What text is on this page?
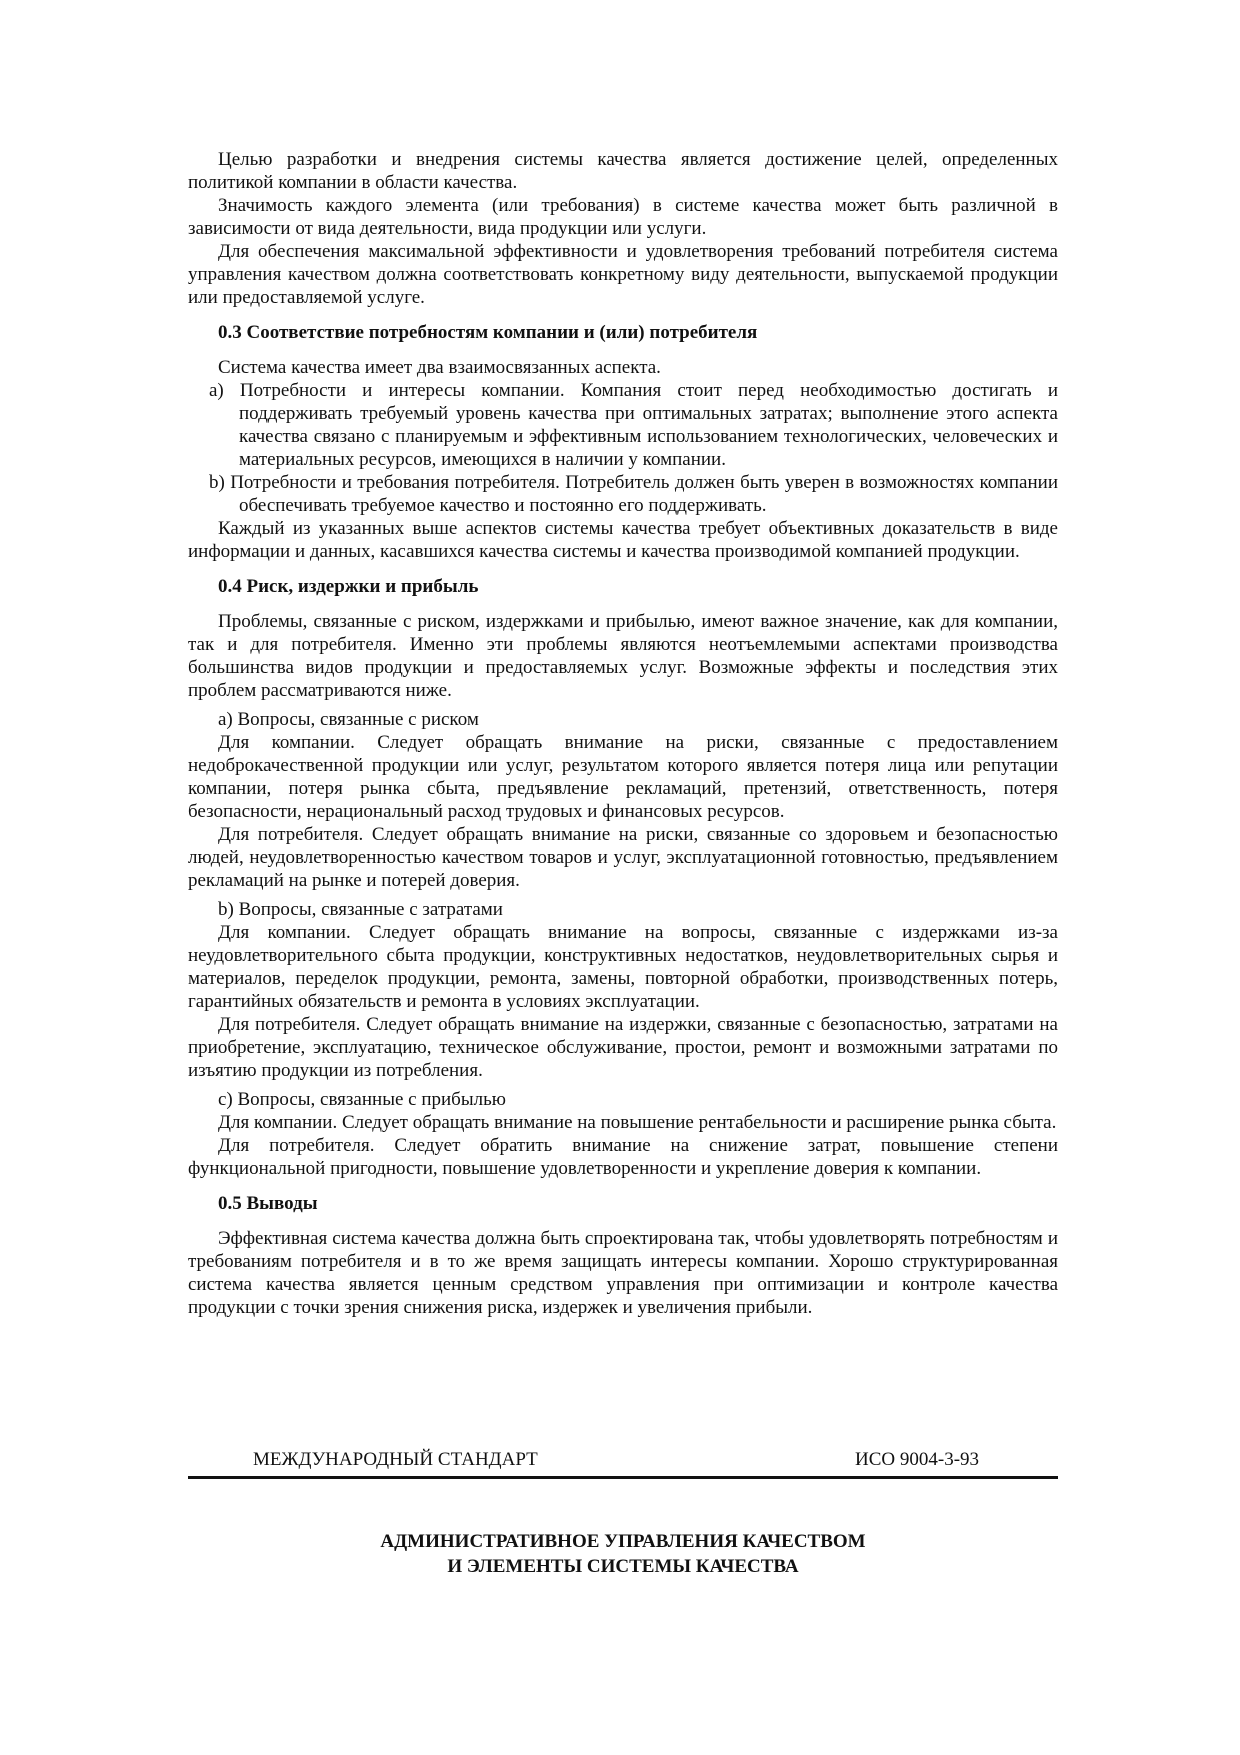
Целью разработки и внедрения системы качества является достижение целей, определенных политикой компании в области качества.

Значимость каждого элемента (или требования) в системе качества может быть различной в зависимости от вида деятельности, вида продукции или услуги.

Для обеспечения максимальной эффективности и удовлетворения требований потребителя система управления качеством должна соответствовать конкретному виду деятельности, выпускаемой продукции или предоставляемой услуге.

0.3 Соответствие потребностям компании и (или) потребителя

Система качества имеет два взаимосвязанных аспекта.

a) Потребности и интересы компании. Компания стоит перед необходимостью достигать и поддерживать требуемый уровень качества при оптимальных затратах; выполнение этого аспекта качества связано с планируемым и эффективным использованием технологических, человеческих и материальных ресурсов, имеющихся в наличии у компании.

b) Потребности и требования потребителя. Потребитель должен быть уверен в возможностях компании обеспечивать требуемое качество и постоянно его поддерживать.

Каждый из указанных выше аспектов системы качества требует объективных доказательств в виде информации и данных, касавшихся качества системы и качества производимой компанией продукции.

0.4 Риск, издержки и прибыль

Проблемы, связанные с риском, издержками и прибылью, имеют важное значение, как для компании, так и для потребителя. Именно эти проблемы являются неотъемлемыми аспектами производства большинства видов продукции и предоставляемых услуг. Возможные эффекты и последствия этих проблем рассматриваются ниже.

a) Вопросы, связанные с риском

Для компании. Следует обращать внимание на риски, связанные с предоставлением недоброкачественной продукции или услуг, результатом которого является потеря лица или репутации компании, потеря рынка сбыта, предъявление рекламаций, претензий, ответственность, потеря безопасности, нерациональный расход трудовых и финансовых ресурсов.

Для потребителя. Следует обращать внимание на риски, связанные со здоровьем и безопасностью людей, неудовлетворенностью качеством товаров и услуг, эксплуатационной готовностью, предъявлением рекламаций на рынке и потерей доверия.

b) Вопросы, связанные с затратами

Для компании. Следует обращать внимание на вопросы, связанные с издержками из-за неудовлетворительного сбыта продукции, конструктивных недостатков, неудовлетворительных сырья и материалов, переделок продукции, ремонта, замены, повторной обработки, производственных потерь, гарантийных обязательств и ремонта в условиях эксплуатации.

Для потребителя. Следует обращать внимание на издержки, связанные с безопасностью, затратами на приобретение, эксплуатацию, техническое обслуживание, простои, ремонт и возможными затратами по изъятию продукции из потребления.

c) Вопросы, связанные с прибылью

Для компании. Следует обращать внимание на повышение рентабельности и расширение рынка сбыта.

Для потребителя. Следует обратить внимание на снижение затрат, повышение степени функциональной пригодности, повышение удовлетворенности и укрепление доверия к компании.

0.5 Выводы

Эффективная система качества должна быть спроектирована так, чтобы удовлетворять потребностям и требованиям потребителя и в то же время защищать интересы компании. Хорошо структурированная система качества является ценным средством управления при оптимизации и контроле качества продукции с точки зрения снижения риска, издержек и увеличения прибыли.

МЕЖДУНАРОДНЫЙ СТАНДАРТ	ИСО 9004-3-93
АДМИНИСТРАТИВНОЕ УПРАВЛЕНИЯ КАЧЕСТВОМ
И ЭЛЕМЕНТЫ СИСТЕМЫ КАЧЕСТВА
